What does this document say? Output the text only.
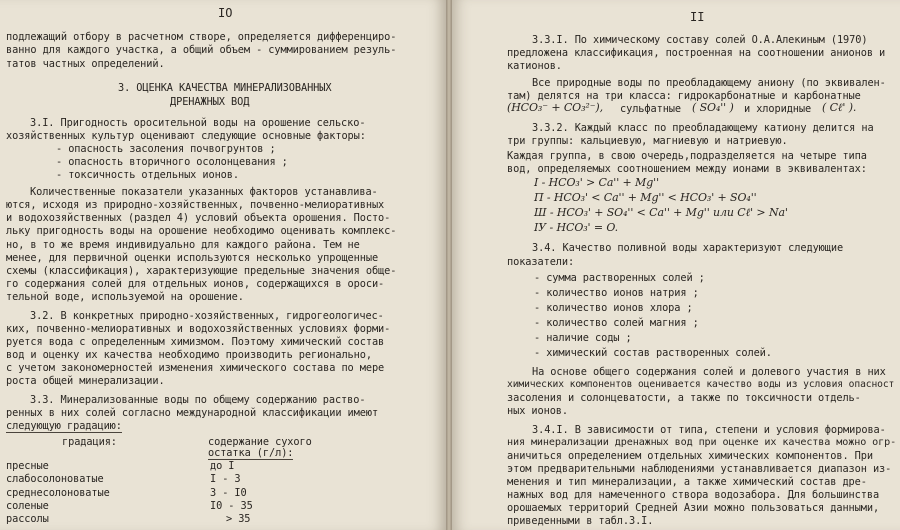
IO
подлежащий отбору в расчетном створе, определяется дифференциро-
ванно для каждого участка, а общий объем - суммированием резуль-
татов частных определений.
3. ОЦЕНКА КАЧЕСТВА МИНЕРАЛИЗОВАННЫХ
ДРЕНАЖНЫХ ВОД
3.I. Пригодность оросительной воды на орошение сельско-
хозяйственных культур оценивают следующие основные факторы:
- опасность засоления почвогрунтов ;
- опасность вторичного осолонцевания ;
- токсичность отдельных ионов.
Количественные показатели указанных факторов устанавлива-
ются, исходя из природно-хозяйственных, почвенно-мелиоративных
и водохозяйственных (раздел 4) условий объекта орошения. Посто-
льку пригодность воды на орошение необходимо оценивать комплекс-
но, в то же время индивидуально для каждого района. Тем не
менее, для первичной оценки используются несколько упрощенные
схемы (классификация), характеризующие предельные значения обще-
го содержания солей для отдельных ионов, содержащихся в ороси-
тельной воде, используемой на орошение.
3.2. В конкретных природно-хозяйственных, гидрогеологичес-
ких, почвенно-мелиоративных и водохозяйственных условиях форми-
руется вода с определенным химизмом. Поэтому химический состав
вод и оценку их качества необходимо производить регионально,
с учетом закономерностей изменения химического состава по мере
роста общей минерализации.
3.3. Минерализованные воды по общему содержанию раство-
ренных в них солей согласно международной классификации имеют
следующую градацию:
градация:	содержание сухого
остатка (г/л):
пресные	до I
слабосолоноватые	I - 3
среднесолоноватые	3 - I0
соленые	I0 - 35
рассолы	> 35
II
3.3.I. По химическому составу солей О.А.Алекиным (1970)
предложена классификация, построенная на соотношении анионов и
катионов.
Все природные воды по преобладающему аниону (по эквивален-
там) делятся на три класса: гидрокарбонатные и карбонатные
(HCO₃⁻ + CO₃²⁻), сульфатные ( SO₄'' ) и хлоридные ( Cℓ' ).
3.3.2. Каждый класс по преобладающему катиону делится на
три группы: кальциевую, магниевую и натриевую.
Каждая группа, в свою очередь,подразделяется на четыре типа
вод, определяемых соотношением между ионами в эквивалентах:
I - HCO₃' > Ca'' + Mg''
П - HCO₃' < Ca'' + Mg'' < HCO₃' + SO₄''
Ш - HCO₃' + SO₄'' < Ca'' + Mg'' или Cℓ' > Na'
IУ - HCO₃' = O.
3.4. Качество поливной воды характеризуют следующие
показатели:
- сумма растворенных солей ;
- количество ионов натрия ;
- количество ионов хлора ;
- количество солей магния ;
- наличие соды ;
- химический состав растворенных солей.
На основе общего содержания солей и долевого участия в них
химических компонентов оценивается качество воды из условия опасност
засоления и солонцеватости, а также по токсичности отдель-
ных ионов.
3.4.I. В зависимости от типа, степени и условия формирова-
ния минерализации дренажных вод при оценке их качества можно огр-
аничиться определением отдельных химических компонентов. При
этом предварительными наблюдениями устанавливается диапазон из-
менения и тип минерализации, а также химический состав дре-
нажных вод для намеченного створа водозабора. Для большинства
орошаемых территорий Средней Азии можно пользоваться данными,
приведенными в табл.3.I.
